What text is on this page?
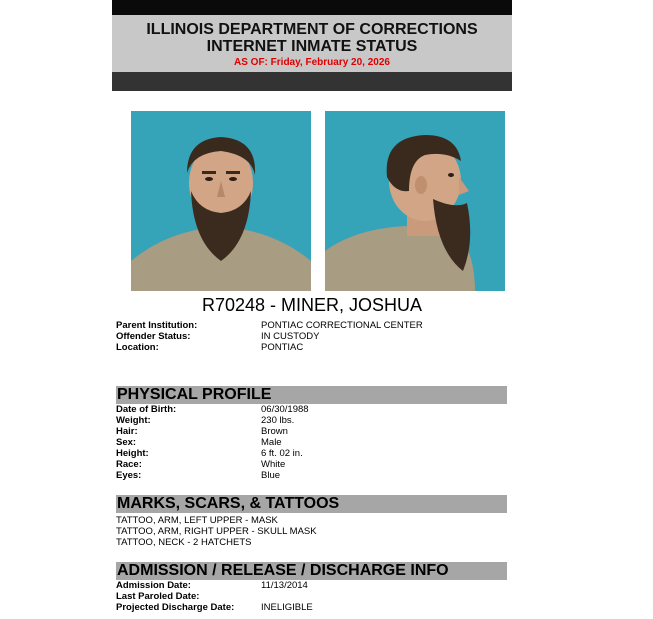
ILLINOIS DEPARTMENT OF CORRECTIONS
INTERNET INMATE STATUS
AS OF: Friday, February 20, 2026
R70248 - MINER, JOSHUA
Parent Institution:	PONTIAC CORRECTIONAL CENTER
Offender Status:	IN CUSTODY
Location:	PONTIAC
PHYSICAL PROFILE
Date of Birth:	06/30/1988
Weight:	230 lbs.
Hair:	Brown
Sex:	Male
Height:	6 ft. 02 in.
Race:	White
Eyes:	Blue
MARKS, SCARS, & TATTOOS
TATTOO, ARM, LEFT UPPER - MASK
TATTOO, ARM, RIGHT UPPER - SKULL MASK
TATTOO, NECK - 2 HATCHETS
ADMISSION / RELEASE / DISCHARGE INFO
Admission Date:	11/13/2014
Last Paroled Date:
Projected Discharge Date:	INELIGIBLE
